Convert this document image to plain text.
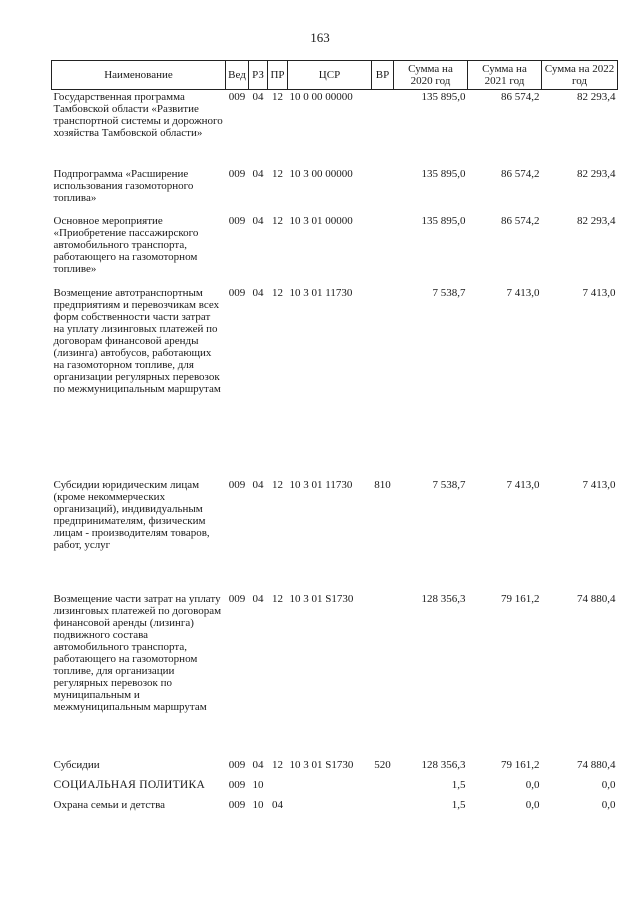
163
Наименование	Вед	РЗ	ПР	ЦСР	ВР	Сумма на 2020 год	Сумма на 2021 год	Сумма на 2022 год
Государственная программа Тамбовской области «Развитие транспортной системы и дорожного хозяйства Тамбовской области»	009	04	12	10 0 00 00000		135 895,0	86 574,2	82 293,4
Подпрограмма «Расширение использования газомоторного топлива»	009	04	12	10 3 00 00000		135 895,0	86 574,2	82 293,4
Основное мероприятие «Приобретение пассажирского автомобильного транспорта, работающего на газомоторном топливе»	009	04	12	10 3 01 00000		135 895,0	86 574,2	82 293,4
Возмещение автотранспортным предприятиям и перевозчикам всех форм собственности части затрат на уплату лизинговых платежей по договорам финансовой аренды (лизинга) автобусов, работающих на газомоторном топливе, для организации регулярных перевозок по межмуниципальным маршрутам	009	04	12	10 3 01 11730		7 538,7	7 413,0	7 413,0
Субсидии юридическим лицам (кроме некоммерческих организаций), индивидуальным предпринимателям, физическим лицам - производителям товаров, работ, услуг	009	04	12	10 3 01 11730	810	7 538,7	7 413,0	7 413,0
Возмещение части затрат на уплату лизинговых платежей по договорам финансовой аренды (лизинга) подвижного состава автомобильного транспорта, работающего на газомоторном топливе, для организации регулярных перевозок по муниципальным и межмуниципальным маршрутам	009	04	12	10 3 01 S1730		128 356,3	79 161,2	74 880,4
Субсидии	009	04	12	10 3 01 S1730	520	128 356,3	79 161,2	74 880,4
СОЦИАЛЬНАЯ ПОЛИТИКА	009	10				1,5	0,0	0,0
Охрана семьи и детства	009	10	04			1,5	0,0	0,0
